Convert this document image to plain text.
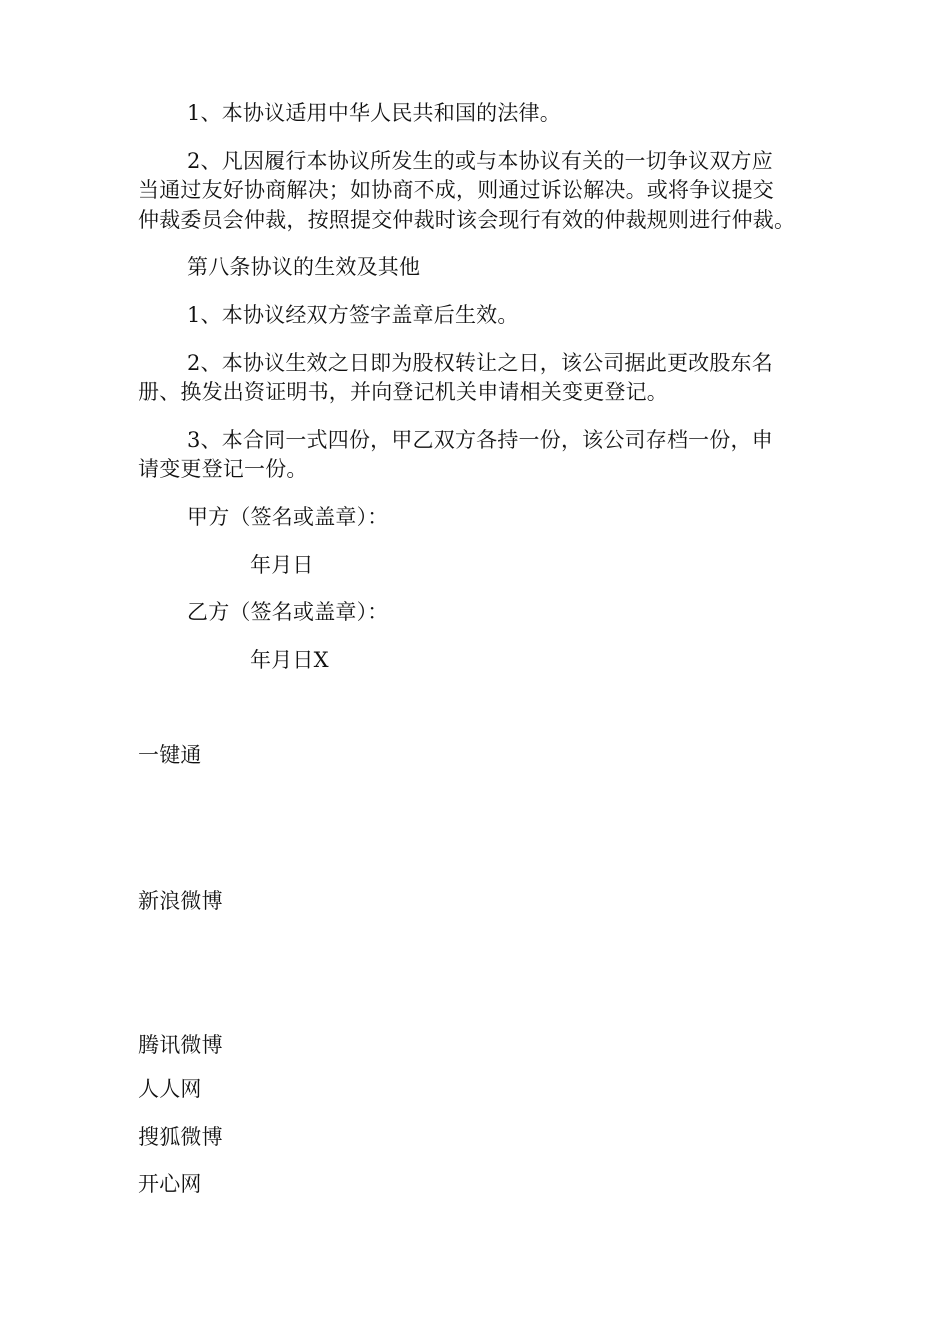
1、本协议适用中华人民共和国的法律。
2、凡因履行本协议所发生的或与本协议有关的一切争议双方应
当通过友好协商解决；如协商不成，则通过诉讼解决。或将争议提交
仲裁委员会仲裁，按照提交仲裁时该会现行有效的仲裁规则进行仲裁。
第八条协议的生效及其他
1、本协议经双方签字盖章后生效。
2、本协议生效之日即为股权转让之日，该公司据此更改股东名
册、换发出资证明书，并向登记机关申请相关变更登记。
3、本合同一式四份，甲乙双方各持一份，该公司存档一份，申
请变更登记一份。
甲方（签名或盖章）：
年月日
乙方（签名或盖章）：
年月日X
一键通
新浪微博
腾讯微博
人人网
搜狐微博
开心网
